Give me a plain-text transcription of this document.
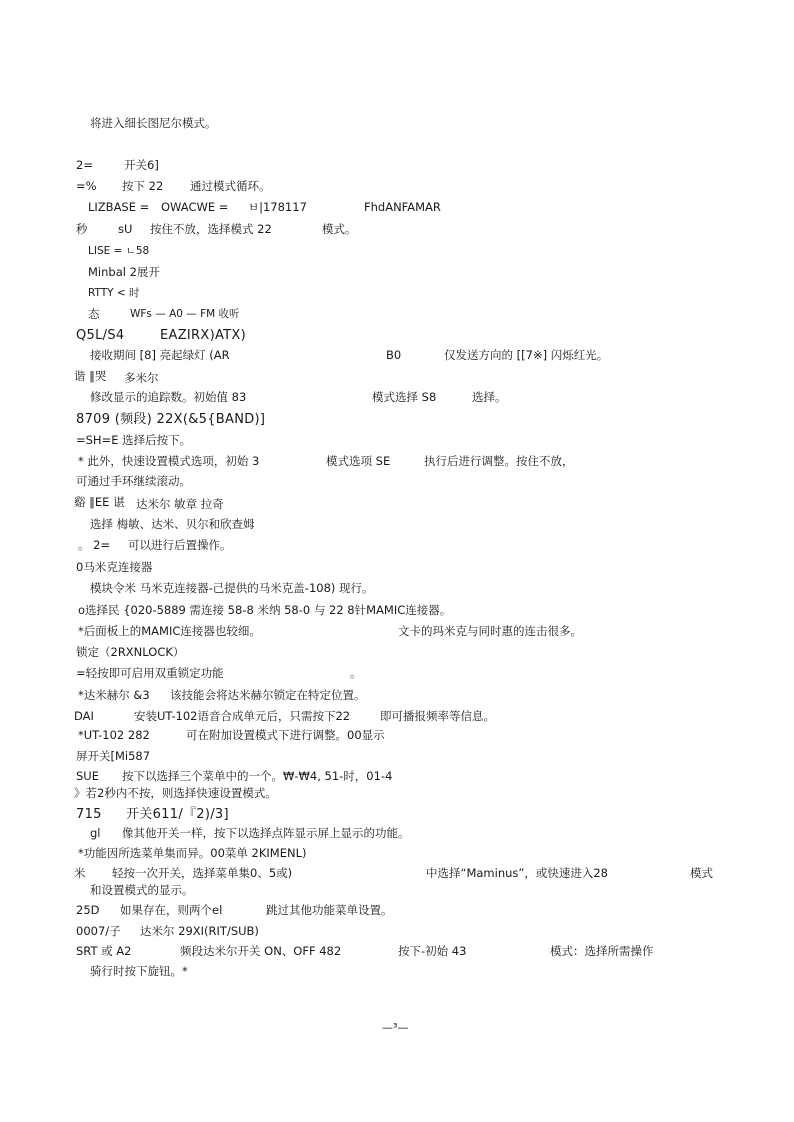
将进入细长图尼尔模式。
2=	开关6]
=% 按下 22 通过模式循环。
LIZBASE = OWACWE = ㅂ|178117	FhdANFAMAR
秒	sU 按住不放，选择模式 22	模式。
LISE = ㄴ58
Minbal 2展开
RTTY < 时
态	WFs — A0 — FM 收听
Q5L/S4	EAZIRX)ATX)
接收期间 [8] 亮起绿灯 (AR	B0	仅发送方向的 [[7※] 闪烁红光。
谐 ‖哭 多米尔
修改显示的追踪数。初始值 83	模式选择 S8	选择。
8709 (频段) 22X(&5{BAND)]
=SH=E 选择后按下。
* 此外，快速设置模式选项，初始 3	模式选项 SE	执行后进行调整。按住不放，
可通过手环继续滚动。
谿 ‖EE 谌 达米尔 敏章 拉奇
选择 梅敏、达米、贝尔和欣查姆
。 2= 可以进行后置操作。
0马米克连接器
模块令米 马米克连接器-己提供的马米克盖-108) 现行。
o选择民 {020-5889 需连接 58-8 米纳 58-0 与 22 8针MAMIC连接器。
*后面板上的MAMIC连接器也较细。	文卡的玛米克与同时惠的连击很多。
锁定（2RXNLOCK）
=轻按即可启用双重锁定功能	。
*达米赫尔 &3 该技能会将达米赫尔锁定在特定位置。
DAI	安装UT-102语音合成单元后，只需按下22	即可播报频率等信息。
*UT-102 282	可在附加设置模式下进行调整。00显示
屏开关[Mi587
SUE 按下以选择三个菜单中的一个。₩-₩4, 51-时，01-4
》若2秒内不按，则选择快速设置模式。
715 开关611/『2)/3]
gl 像其他开关一样，按下以选择点阵显示屏上显示的功能。
*功能因所选菜单集而异。00菜单 2KIMENL)
米 轻按一次开关，选择菜单集0、5或)	中选择“Maminus”，或快速进入28	模式
和设置模式的显示。
25D 如果存在，则两个el	跳过其他功能菜单设置。
0007/子 达米尔 29XI(RIT/SUB)
SRT 或 A2	频段达米尔开关 ON、OFF 482	按下-初始 43	模式：选择所需操作
骑行时按下旋钮。*
—³—
